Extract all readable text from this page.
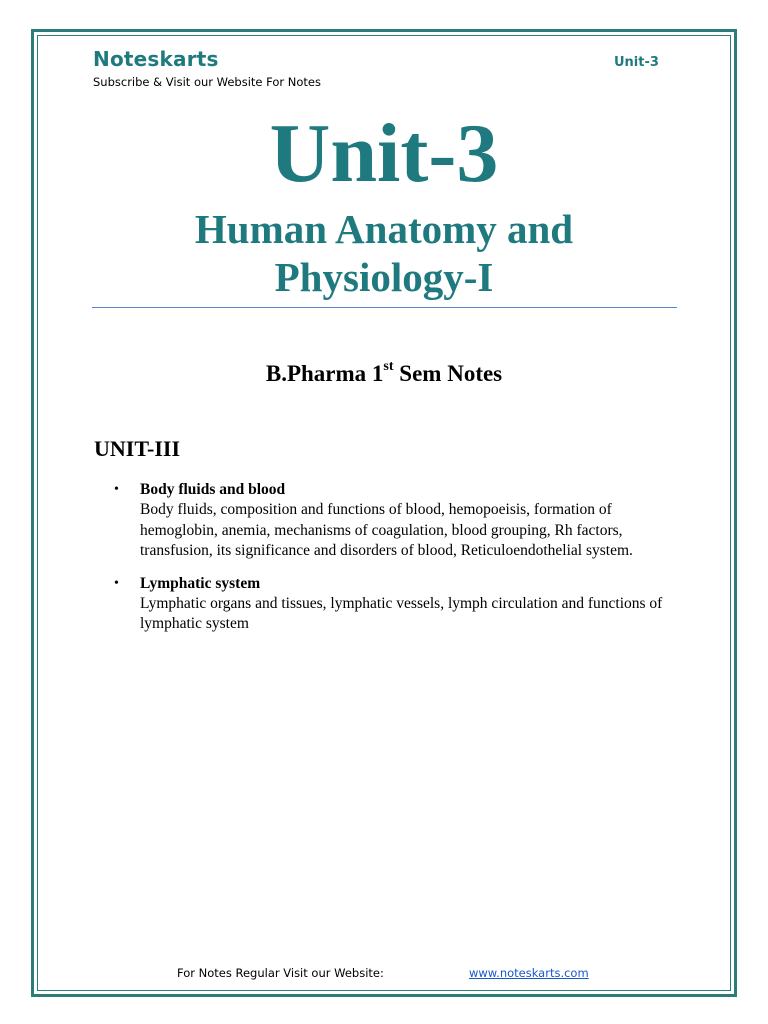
Noteskarts
Subscribe & Visit our Website For Notes
Unit-3
Unit-3
Human Anatomy and
Physiology-I
B.Pharma 1st Sem Notes
UNIT-III
• Body fluids and blood
Body fluids, composition and functions of blood, hemopoeisis, formation of hemoglobin, anemia, mechanisms of coagulation, blood grouping, Rh factors, transfusion, its significance and disorders of blood, Reticuloendothelial system.
• Lymphatic system
Lymphatic organs and tissues, lymphatic vessels, lymph circulation and functions of lymphatic system
For Notes Regular Visit our Website:	www.noteskarts.com
